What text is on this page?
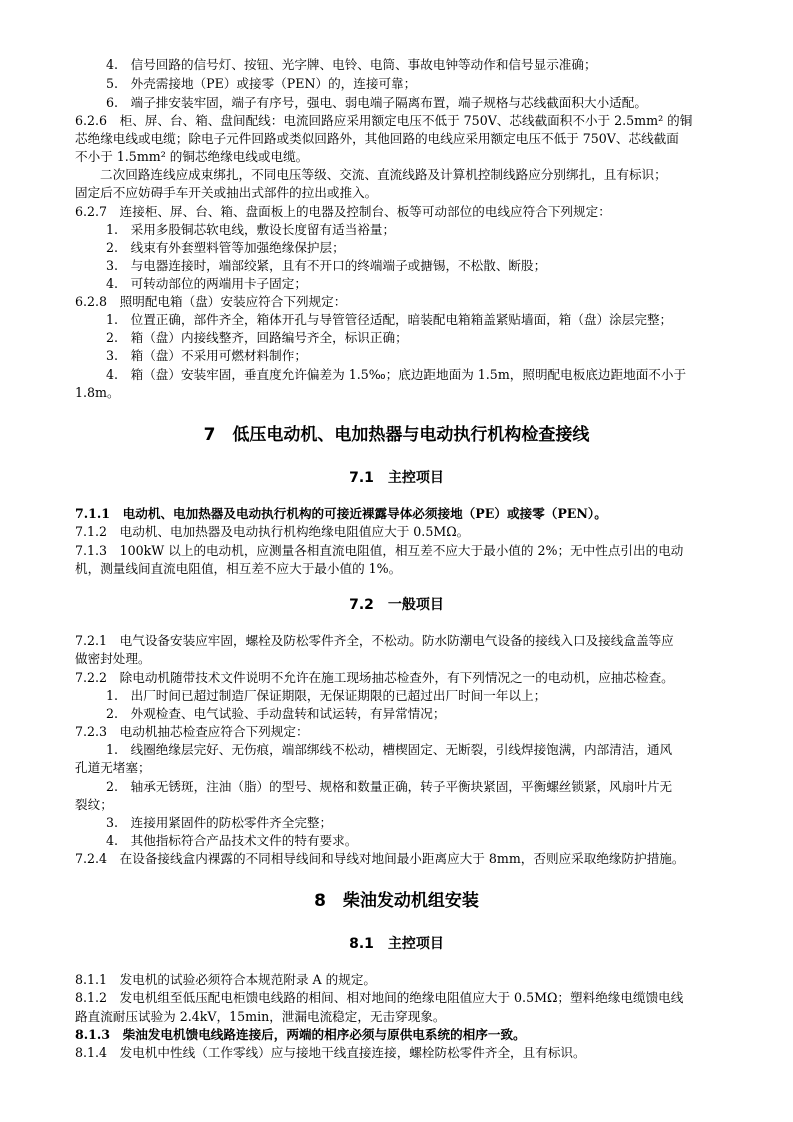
4.　信号回路的信号灯、按钮、光字牌、电铃、电筒、事故电钟等动作和信号显示准确；
5.　外壳需接地（PE）或接零（PEN）的，连接可靠；
6.　端子排安装牢固，端子有序号，强电、弱电端子隔离布置，端子规格与芯线截面积大小适配。
6.2.6　柜、屏、台、箱、盘间配线：电流回路应采用额定电压不低于 750V、芯线截面积不小于 2.5mm² 的铜
芯绝缘电线或电缆；除电子元件回路或类似回路外，其他回路的电线应采用额定电压不低于 750V、芯线截面
不小于 1.5mm² 的铜芯绝缘电线或电缆。
二次回路连线应成束绑扎，不同电压等级、交流、直流线路及计算机控制线路应分别绑扎，且有标识；
固定后不应妨碍手车开关或抽出式部件的拉出或推入。
6.2.7　连接柜、屏、台、箱、盘面板上的电器及控制台、板等可动部位的电线应符合下列规定：
1.　采用多股铜芯软电线，敷设长度留有适当裕量；
2.　线束有外套塑料管等加强绝缘保护层；
3.　与电器连接时，端部绞紧，且有不开口的终端端子或搪锡，不松散、断股；
4.　可转动部位的两端用卡子固定；
6.2.8　照明配电箱（盘）安装应符合下列规定：
1.　位置正确，部件齐全，箱体开孔与导管管径适配，暗装配电箱箱盖紧贴墙面，箱（盘）涂层完整；
2.　箱（盘）内接线整齐，回路编号齐全，标识正确；
3.　箱（盘）不采用可燃材料制作；
4.　箱（盘）安装牢固，垂直度允许偏差为 1.5‰；底边距地面为 1.5m，照明配电板底边距地面不小于
1.8m。
7　低压电动机、电加热器与电动执行机构检查接线
7.1　主控项目
7.1.1　电动机、电加热器及电动执行机构的可接近裸露导体必须接地（PE）或接零（PEN）。
7.1.2　电动机、电加热器及电动执行机构绝缘电阻值应大于 0.5MΩ。
7.1.3　100kW 以上的电动机，应测量各相直流电阻值，相互差不应大于最小值的 2%；无中性点引出的电动
机，测量线间直流电阻值，相互差不应大于最小值的 1%。
7.2　一般项目
7.2.1　电气设备安装应牢固，螺栓及防松零件齐全，不松动。防水防潮电气设备的接线入口及接线盒盖等应
做密封处理。
7.2.2　除电动机随带技术文件说明不允许在施工现场抽芯检查外，有下列情况之一的电动机，应抽芯检查。
1.　出厂时间已超过制造厂保证期限，无保证期限的已超过出厂时间一年以上；
2.　外观检查、电气试验、手动盘转和试运转，有异常情况；
7.2.3　电动机抽芯检查应符合下列规定：
1.　线圈绝缘层完好、无伤痕，端部绑线不松动，槽楔固定、无断裂，引线焊接饱满，内部清洁，通风
孔道无堵塞；
2.　轴承无锈斑，注油（脂）的型号、规格和数量正确，转子平衡块紧固，平衡螺丝锁紧，风扇叶片无
裂纹；
3.　连接用紧固件的防松零件齐全完整；
4.　其他指标符合产品技术文件的特有要求。
7.2.4　在设备接线盒内裸露的不同相导线间和导线对地间最小距离应大于 8mm，否则应采取绝缘防护措施。
8　柴油发动机组安装
8.1　主控项目
8.1.1　发电机的试验必须符合本规范附录 A 的规定。
8.1.2　发电机组至低压配电柜馈电线路的相间、相对地间的绝缘电阻值应大于 0.5MΩ；塑料绝缘电缆馈电线
路直流耐压试验为 2.4kV，15min，泄漏电流稳定，无击穿现象。
8.1.3　柴油发电机馈电线路连接后，两端的相序必须与原供电系统的相序一致。
8.1.4　发电机中性线（工作零线）应与接地干线直接连接，螺栓防松零件齐全，且有标识。
